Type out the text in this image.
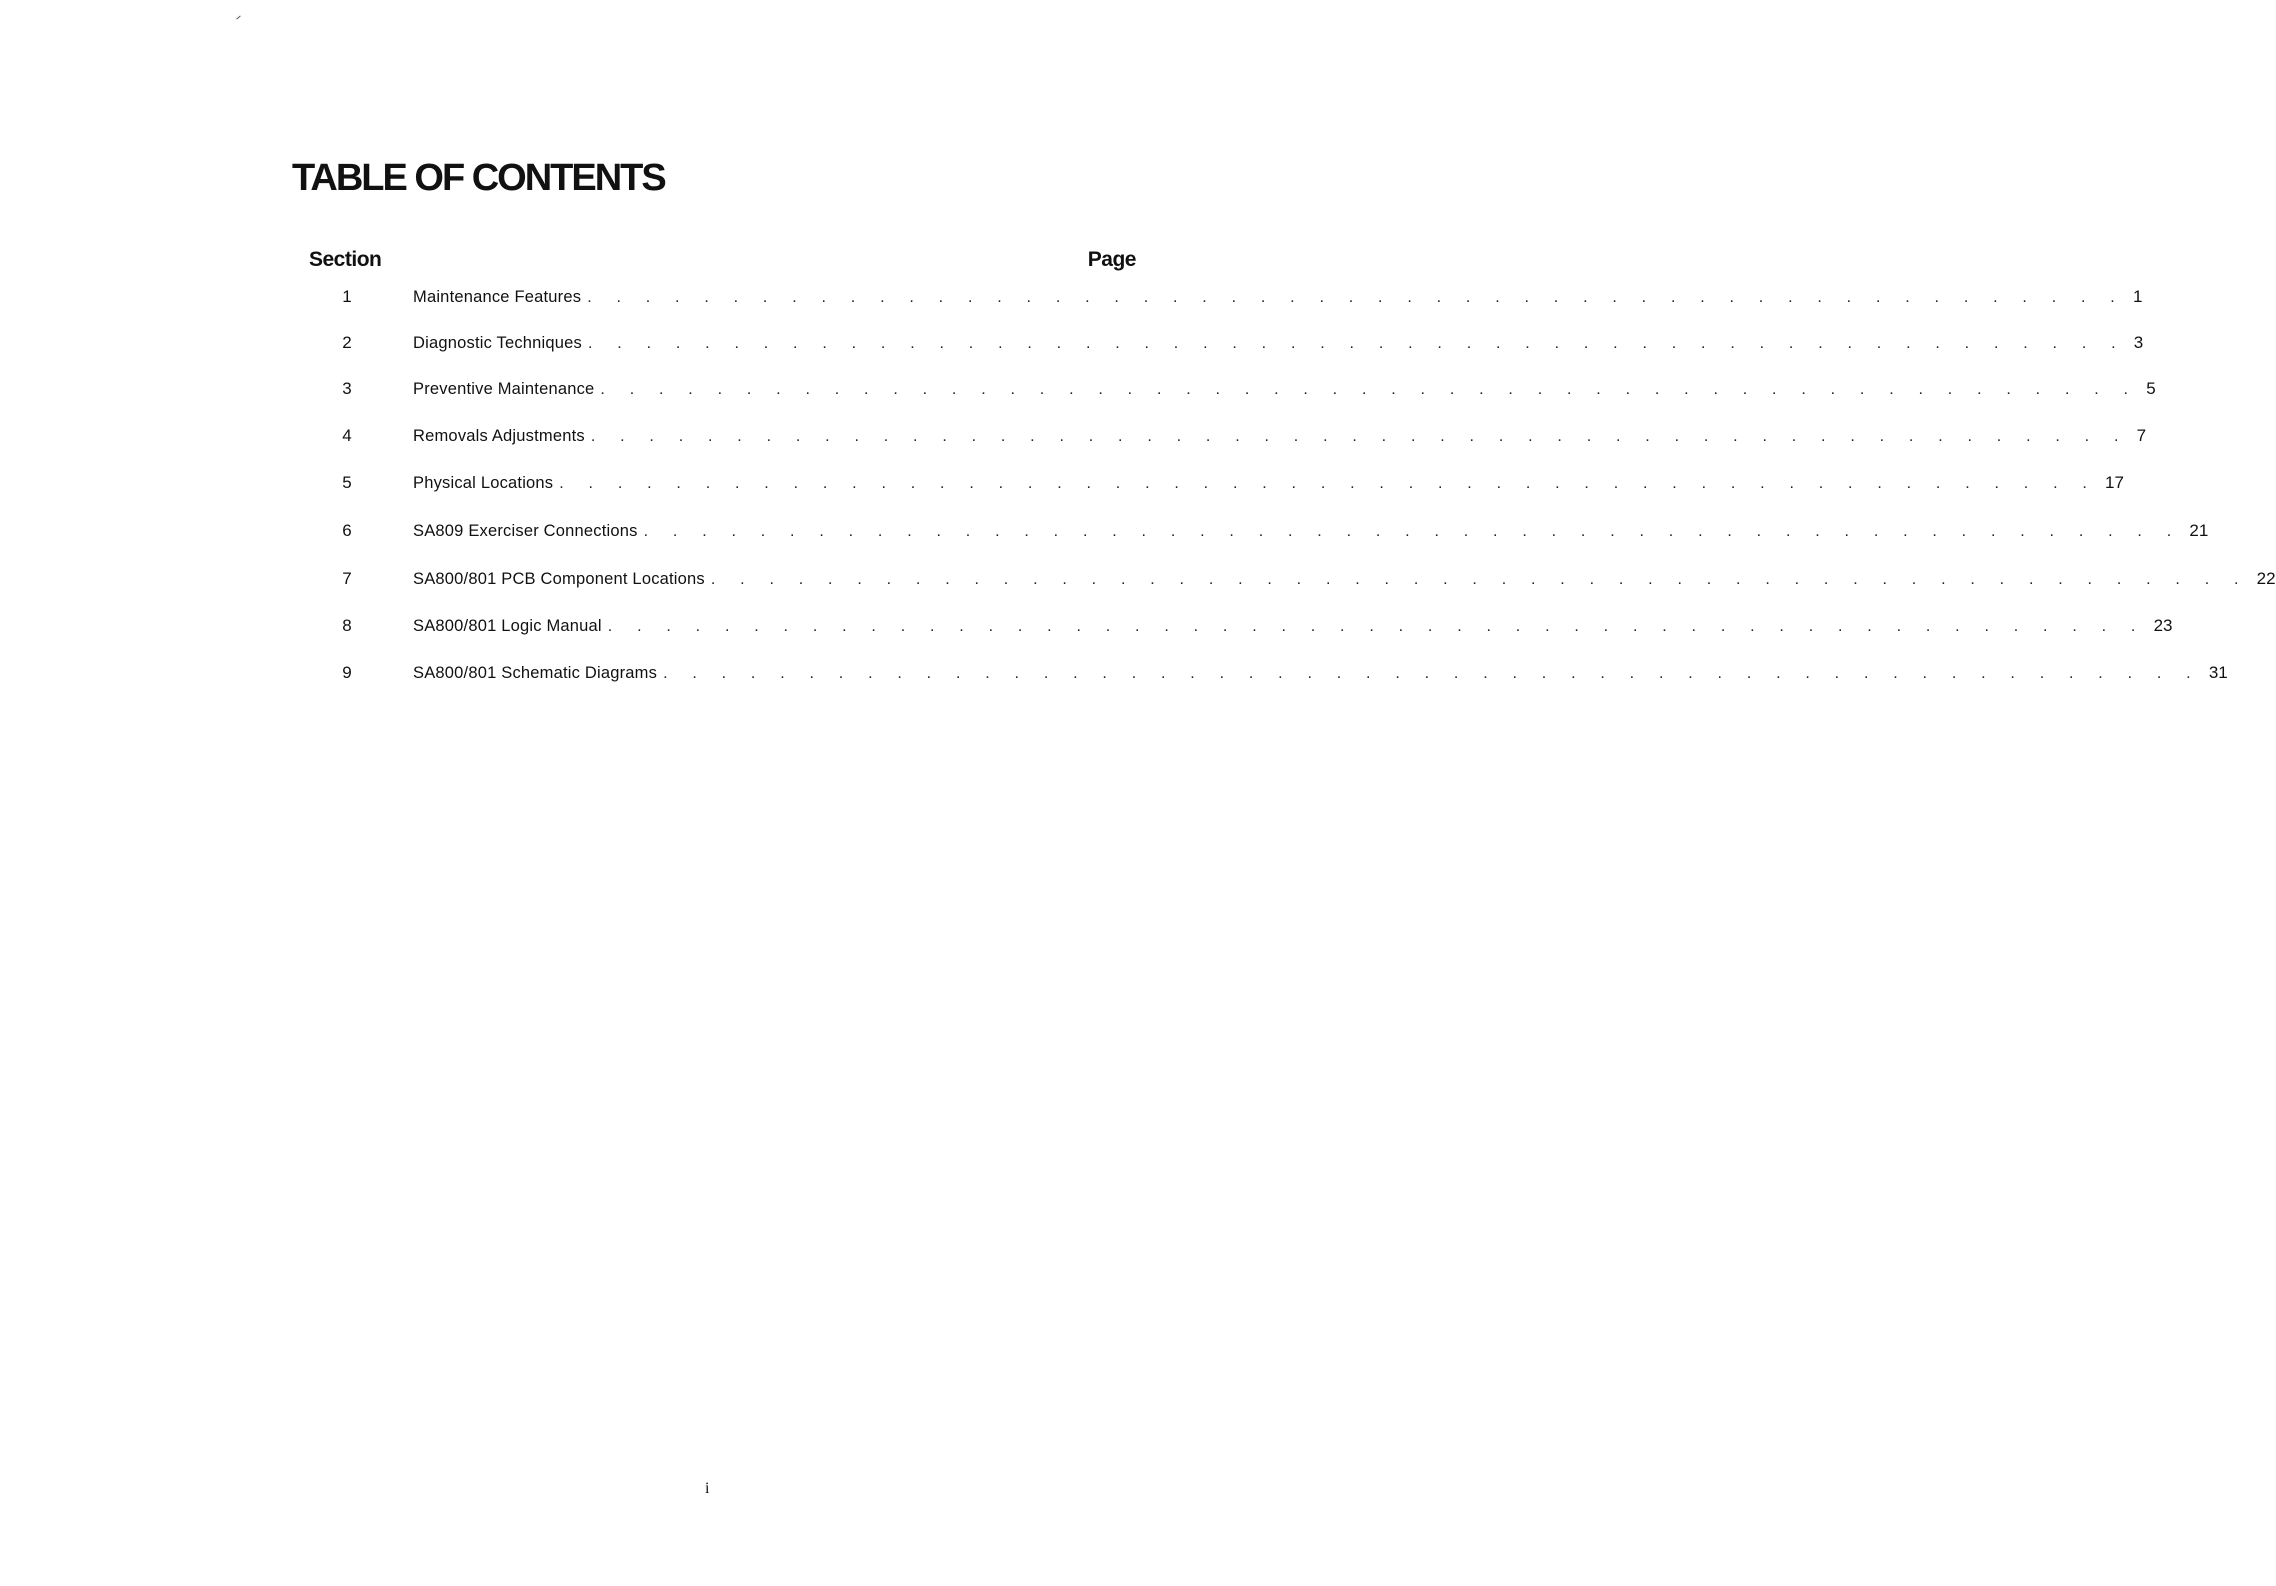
TABLE OF CONTENTS
Section	Page
1	Maintenance Features . . . . . . . . . . . . . . . . . . . . . . . . . . . . . . . . . . . . . . . . . . . . . . . . . . . . . 1
2	Diagnostic Techniques . . . . . . . . . . . . . . . . . . . . . . . . . . . . . . . . . . . . . . . . . . . . . . . . . . . . . 3
3	Preventive Maintenance . . . . . . . . . . . . . . . . . . . . . . . . . . . . . . . . . . . . . . . . . . . . . . . . . . . . . 5
4	Removals Adjustments . . . . . . . . . . . . . . . . . . . . . . . . . . . . . . . . . . . . . . . . . . . . . . . . . . . . . 7
5	Physical Locations . . . . . . . . . . . . . . . . . . . . . . . . . . . . . . . . . . . . . . . . . . . . . . . . . . . . . 17
6	SA809 Exerciser Connections . . . . . . . . . . . . . . . . . . . . . . . . . . . . . . . . . . . . . . . . . . . . . . . . . . . . . 21
7	SA800/801 PCB Component Locations . . . . . . . . . . . . . . . . . . . . . . . . . . . . . . . . . . . . . . . . . . . . . . . . . . . . . 22
8	SA800/801 Logic Manual . . . . . . . . . . . . . . . . . . . . . . . . . . . . . . . . . . . . . . . . . . . . . . . . . . . . . 23
9	SA800/801 Schematic Diagrams . . . . . . . . . . . . . . . . . . . . . . . . . . . . . . . . . . . . . . . . . . . . . . . . . . . . . 31
i
